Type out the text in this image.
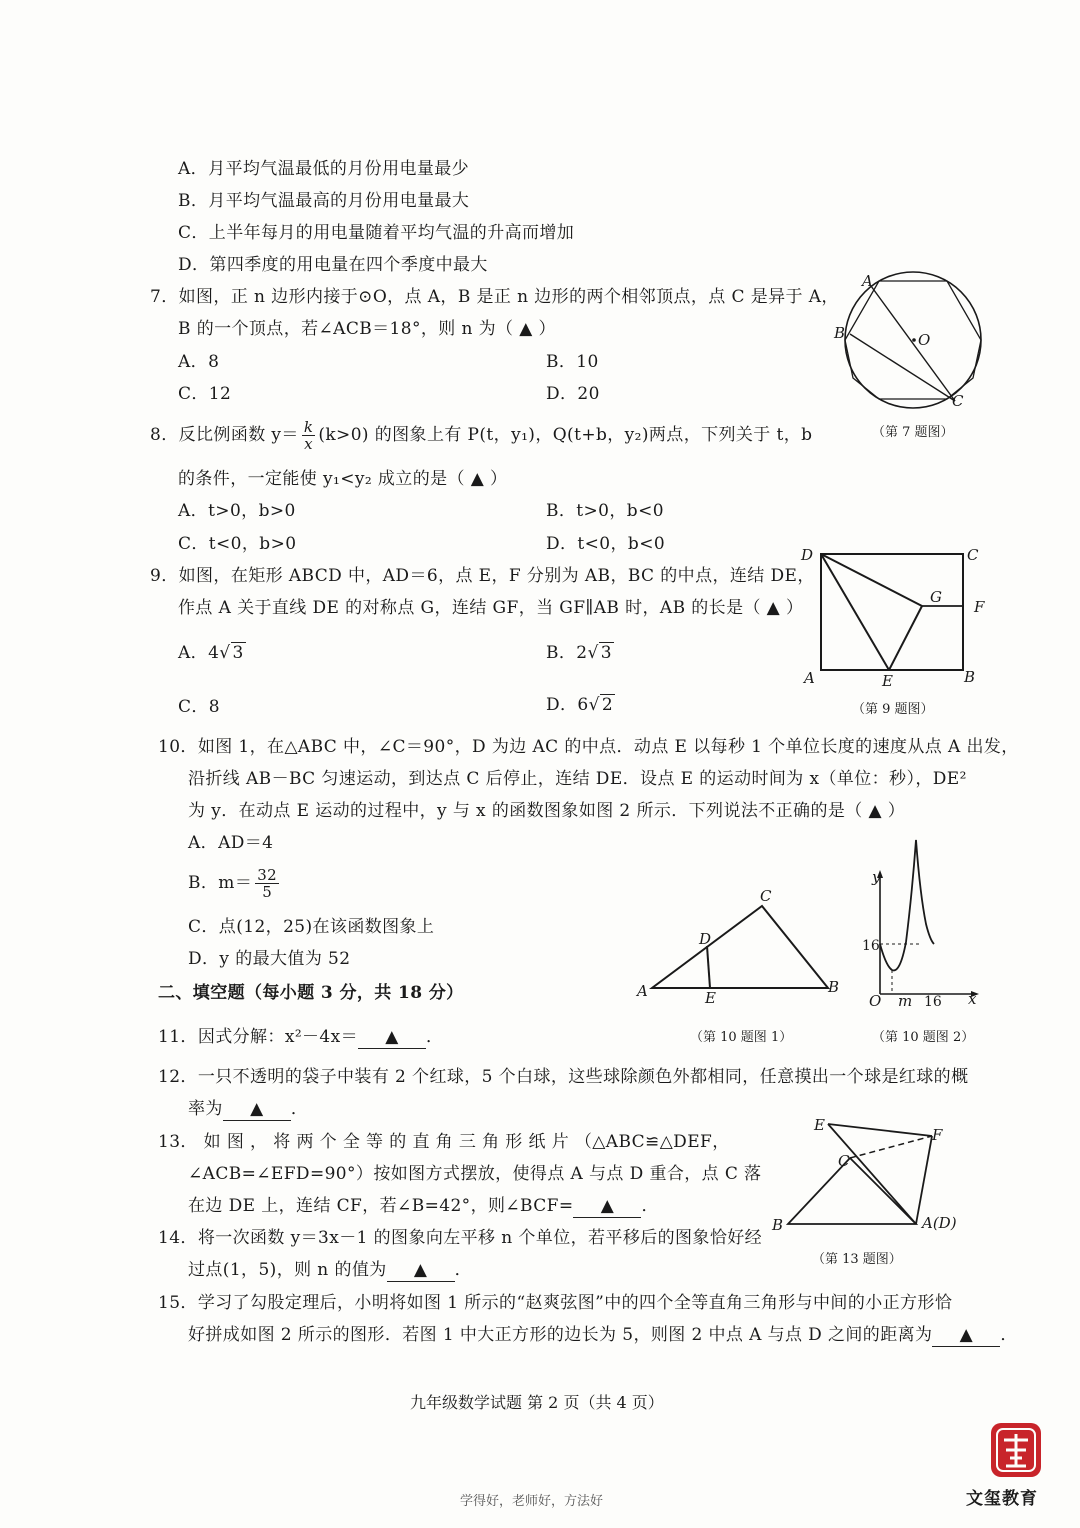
A．月平均气温最低的月份用电量最少
B．月平均气温最高的月份用电量最大
C．上半年每月的用电量随着平均气温的升高而增加
D．第四季度的用电量在四个季度中最大
7．如图，正 n 边形内接于⊙O，点 A，B 是正 n 边形的两个相邻顶点，点 C 是异于 A，
B 的一个顶点，若∠ACB＝18°，则 n 为（ ▲ ）
A．8	B．10
C．12	D．20
A
B
C
O
（第 7 题图）
8．反比例函数 $y= \frac{k}{x} (k>0)$ 的图象上有 P(t，y₁)，Q(t+b，y₂)两点，下列关于 t，b
的条件，一定能使 y₁<y₂ 成立的是（ ▲ ）
A．t>0，b>0	B．t>0，b<0
C．t<0，b>0	D．t<0，b<0
9．如图，在矩形 ABCD 中，AD＝6，点 E，F 分别为 AB，BC 的中点，连结 DE，
作点 A 关于直线 DE 的对称点 G，连结 GF，当 GF∥AB 时，AB 的长是（ ▲ ）
A．4√ 3	B．2√ 3
C．8	D．6√ 2
D	C
G
F
A	E	B
（第 9 题图）
10．如图 1，在△ABC 中，∠C＝90°，D 为边 AC 的中点．动点 E 以每秒 1 个单位长度的速度从点 A 出发，
沿折线 AB－BC 匀速运动，到达点 C 后停止，连结 DE．设点 E 的运动时间为 x（单位：秒），DE²
为 y．在动点 E 运动的过程中，y 与 x 的函数图象如图 2 所示．下列说法不正确的是（ ▲ ）
A．AD＝4
B．$m= \frac{32}{5}$
C．点(12，25)在该函数图象上
D．y 的最大值为 52
A	B
C
D
E
（第 10 题图 1）
y
16
O m 16 x
（第 10 题图 2）
二、填空题（每小题 3 分，共 18 分）
11．因式分解：x²－4x＝ ▲ ．
12．一只不透明的袋子中装有 2 个红球，5 个白球，这些球除颜色外都相同，任意摸出一个球是红球的概
率为 ▲ ．
13． 如 图 ， 将 两 个 全 等 的 直 角 三 角 形 纸 片 （△ABC≌△DEF，
∠ACB=∠EFD=90°）按如图方式摆放，使得点 A 与点 D 重合，点 C 落
在边 DE 上，连结 CF，若∠B=42°，则∠BCF= ▲ ．
E
F
C
B	A(D)
（第 13 题图）
14．将一次函数 y＝3x－1 的图象向左平移 n 个单位，若平移后的图象恰好经
过点(1，5)，则 n 的值为 ▲ ．
15．学习了勾股定理后，小明将如图 1 所示的“赵爽弦图”中的四个全等直角三角形与中间的小正方形恰
好拼成如图 2 所示的图形．若图 1 中大正方形的边长为 5，则图 2 中点 A 与点 D 之间的距离为 ▲ ．
九年级数学试题 第 2 页（共 4 页）
学得好，老师好，方法好	文玺教育
